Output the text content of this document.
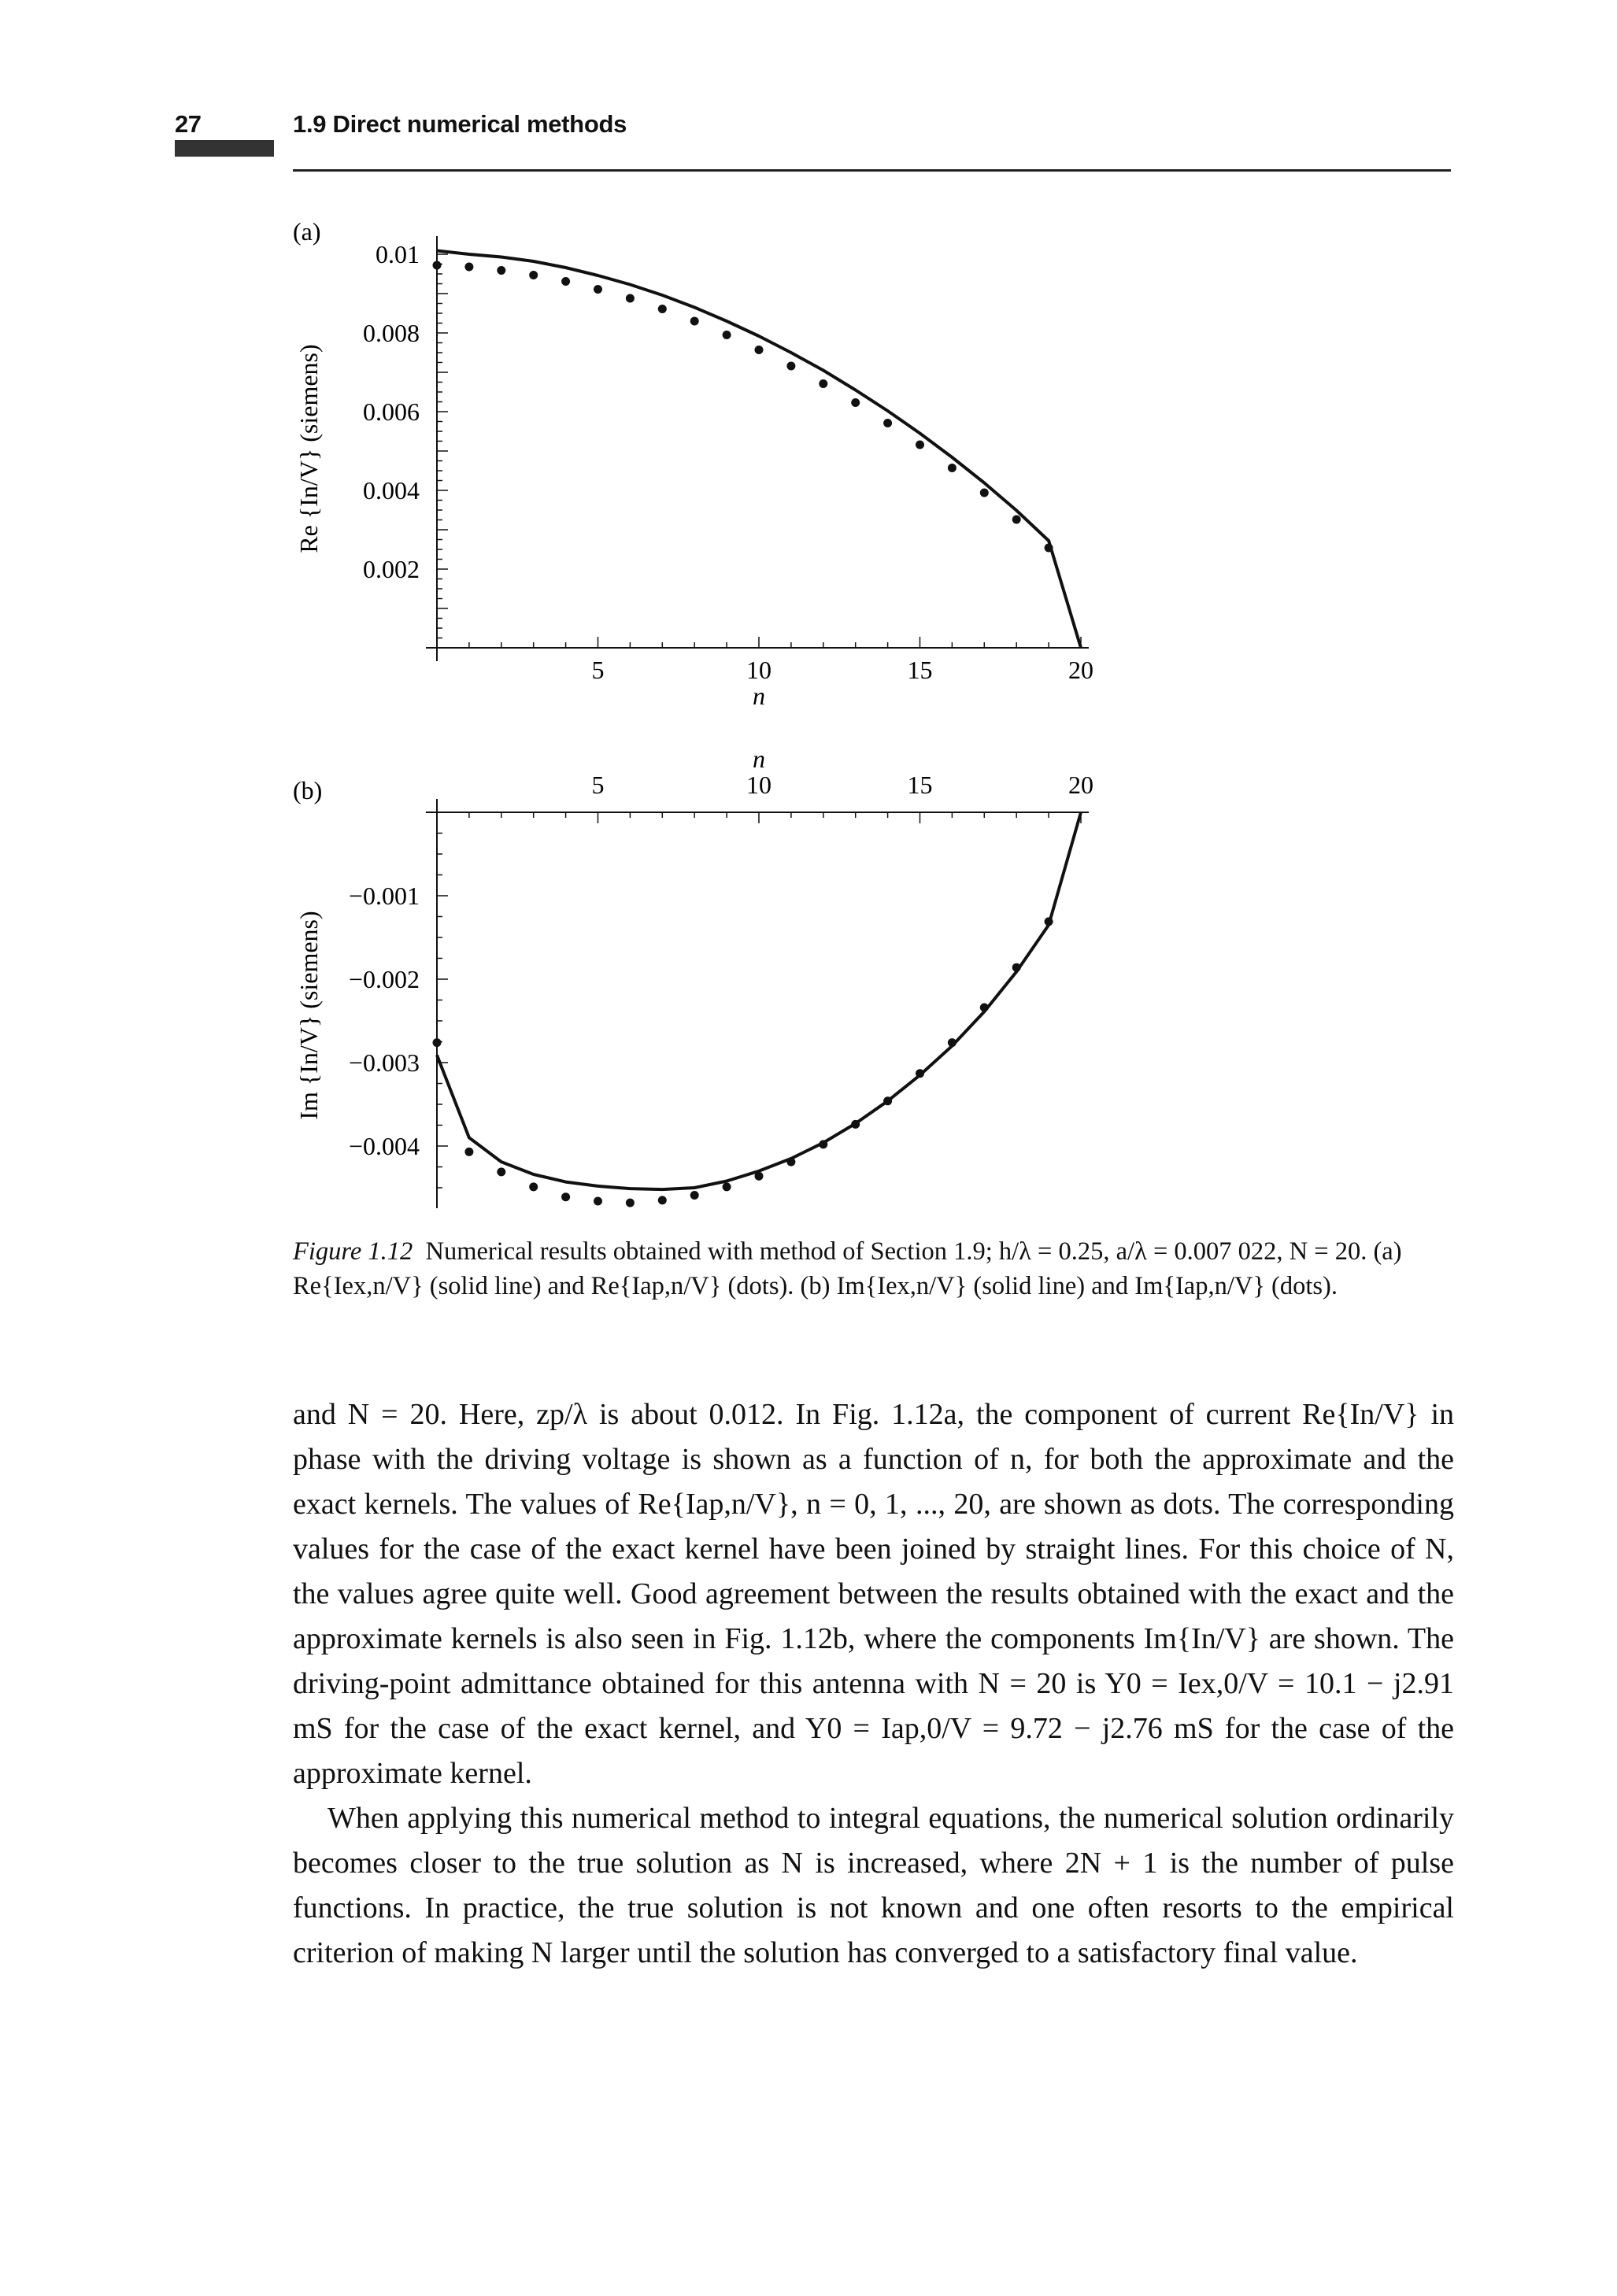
27	1.9 Direct numerical methods
(a)
5	10	15	20
n
0.01
0.008
0.006
0.004
0.002
Re {In/V} (siemens)
(b)	5	10	15	20
n
−0.001
−0.002
−0.003
−0.004
Im {In/V} (siemens)
Figure 1.12 Numerical results obtained with method of Section 1.9; h/λ = 0.25, a/λ = 0.007 022, N = 20. (a) Re{Iex,n/V} (solid line) and Re{Iap,n/V} (dots). (b) Im{Iex,n/V} (solid line) and Im{Iap,n/V} (dots).

and N = 20. Here, zp/λ is about 0.012. In Fig. 1.12a, the component of current Re{In/V} in phase with the driving voltage is shown as a function of n, for both the approximate and the exact kernels. The values of Re{Iap,n/V}, n = 0, 1, ..., 20, are shown as dots. The corresponding values for the case of the exact kernel have been joined by straight lines. For this choice of N, the values agree quite well. Good agreement between the results obtained with the exact and the approximate kernels is also seen in Fig. 1.12b, where the components Im{In/V} are shown. The driving-point admittance obtained for this antenna with N = 20 is Y0 = Iex,0/V = 10.1 − j2.91 mS for the case of the exact kernel, and Y0 = Iap,0/V = 9.72 − j2.76 mS for the case of the approximate kernel.

When applying this numerical method to integral equations, the numerical solution ordinarily becomes closer to the true solution as N is increased, where 2N + 1 is the number of pulse functions. In practice, the true solution is not known and one often resorts to the empirical criterion of making N larger until the solution has converged to a satisfactory final value.
